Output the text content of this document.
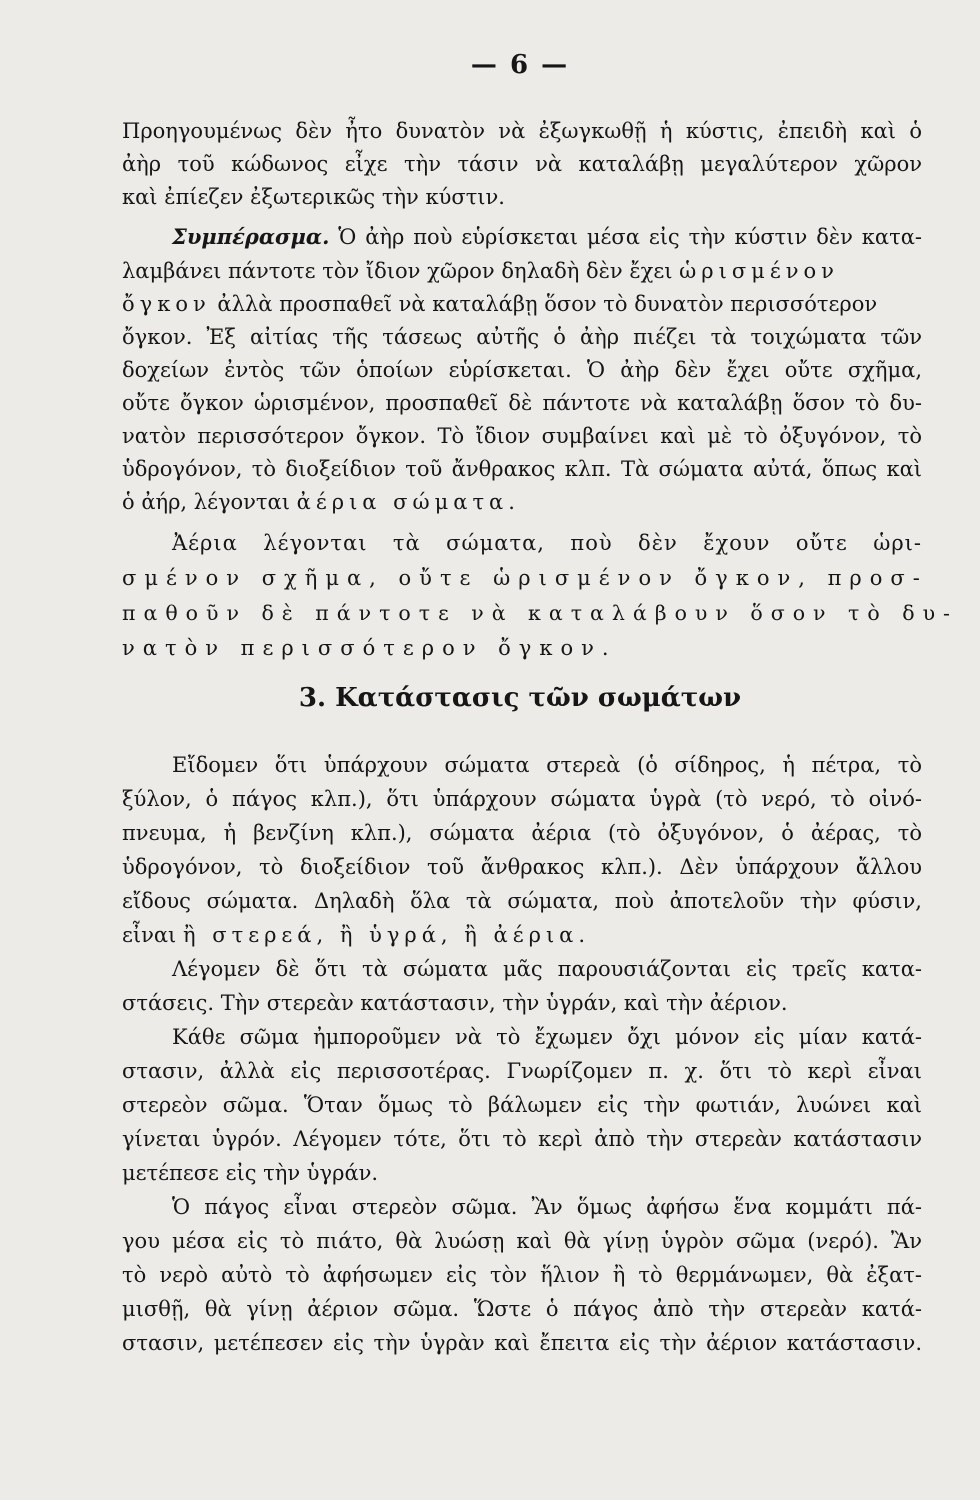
— 6 —
Προηγουμένως δὲν ἦτο δυνατὸν νὰ ἐξωγκωθῇ ἡ κύστις, ἐπειδὴ καὶ ὁ
ἀὴρ τοῦ κώδωνος εἶχε τὴν τάσιν νὰ καταλάβῃ μεγαλύτερον χῶρον
καὶ ἐπίεζεν ἐξωτερικῶς τὴν κύστιν.
Συμπέρασμα. Ὁ ἀὴρ ποὺ εὑρίσκεται μέσα εἰς τὴν κύστιν δὲν κατα-
λαμβάνει πάντοτε τὸν ἴδιον χῶρον δηλαδὴ δὲν ἔχει ὡρισμένον
ὄγκον ἀλλὰ προσπαθεῖ νὰ καταλάβῃ ὅσον τὸ δυνατὸν περισσότερον
ὄγκον. Ἐξ αἰτίας τῆς τάσεως αὐτῆς ὁ ἀὴρ πιέζει τὰ τοιχώματα τῶν
δοχείων ἐντὸς τῶν ὁποίων εὑρίσκεται. Ὁ ἀὴρ δὲν ἔχει οὔτε σχῆμα,
οὔτε ὄγκον ὡρισμένον, προσπαθεῖ δὲ πάντοτε νὰ καταλάβῃ ὅσον τὸ δυ-
νατὸν περισσότερον ὄγκον. Τὸ ἴδιον συμβαίνει καὶ μὲ τὸ ὀξυγόνον, τὸ
ὑδρογόνον, τὸ διοξείδιον τοῦ ἄνθρακος κλπ. Τὰ σώματα αὐτά, ὅπως καὶ
ὁ ἀήρ, λέγονται ἀέρια σώματα.
Ἀέρια λέγονται τὰ σώματα, ποὺ δὲν ἔχουν οὔτε ὡρι-
σμένον σχῆμα, οὔτε ὡρισμένον ὄγκον, προσ-
παθοῦν δὲ πάντοτε νὰ καταλάβουν ὅσον τὸ δυ-
νατὸν περισσότερον ὄγκον.
3. Κατάστασις τῶν σωμάτων
Εἴδομεν ὅτι ὑπάρχουν σώματα στερεὰ (ὁ σίδηρος, ἡ πέτρα, τὸ
ξύλον, ὁ πάγος κλπ.), ὅτι ὑπάρχουν σώματα ὑγρὰ (τὸ νερό, τὸ οἰνό-
πνευμα, ἡ βενζίνη κλπ.), σώματα ἀέρια (τὸ ὀξυγόνον, ὁ ἀέρας, τὸ
ὑδρογόνον, τὸ διοξείδιον τοῦ ἄνθρακος κλπ.). Δὲν ὑπάρχουν ἄλλου
εἴδους σώματα. Δηλαδὴ ὅλα τὰ σώματα, ποὺ ἀποτελοῦν τὴν φύσιν,
εἶναι ἢ στερεά, ἢ ὑγρά, ἢ ἀέρια.
Λέγομεν δὲ ὅτι τὰ σώματα μᾶς παρουσιάζονται εἰς τρεῖς κατα-
στάσεις. Τὴν στερεὰν κατάστασιν, τὴν ὑγράν, καὶ τὴν ἀέριον.
Κάθε σῶμα ἠμποροῦμεν νὰ τὸ ἔχωμεν ὄχι μόνον εἰς μίαν κατά-
στασιν, ἀλλὰ εἰς περισσοτέρας. Γνωρίζομεν π. χ. ὅτι τὸ κερὶ εἶναι
στερεὸν σῶμα. Ὅταν ὅμως τὸ βάλωμεν εἰς τὴν φωτιάν, λυώνει καὶ
γίνεται ὑγρόν. Λέγομεν τότε, ὅτι τὸ κερὶ ἀπὸ τὴν στερεὰν κατάστασιν
μετέπεσε εἰς τὴν ὑγράν.
Ὁ πάγος εἶναι στερεὸν σῶμα. Ἂν ὅμως ἀφήσω ἕνα κομμάτι πά-
γου μέσα εἰς τὸ πιάτο, θὰ λυώσῃ καὶ θὰ γίνῃ ὑγρὸν σῶμα (νερό). Ἂν
τὸ νερὸ αὐτὸ τὸ ἀφήσωμεν εἰς τὸν ἥλιον ἢ τὸ θερμάνωμεν, θὰ ἐξατ-
μισθῇ, θὰ γίνῃ ἀέριον σῶμα. Ὥστε ὁ πάγος ἀπὸ τὴν στερεὰν κατά-
στασιν, μετέπεσεν εἰς τὴν ὑγρὰν καὶ ἔπειτα εἰς τὴν ἀέριον κατάστασιν.
